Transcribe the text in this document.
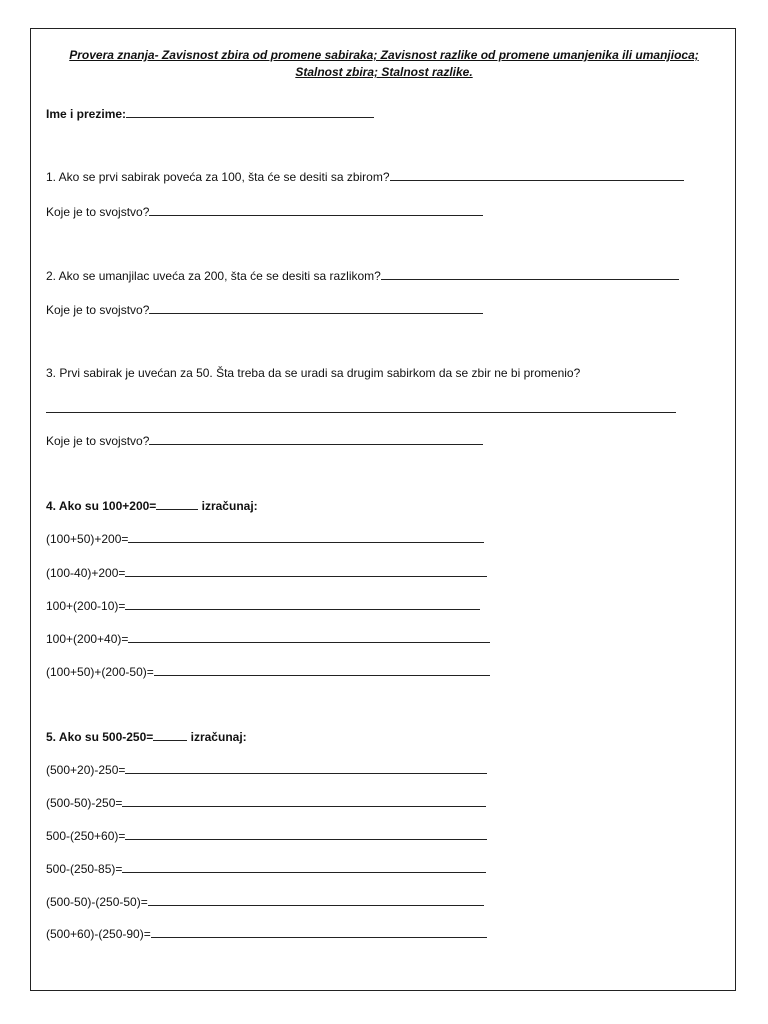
Provera znanja- Zavisnost zbira od promene sabiraka; Zavisnost razlike od promene umanjenika ili umanjioca;
Stalnost zbira; Stalnost razlike.
Ime i prezime:
1. Ako se prvi sabirak poveća za 100, šta će se desiti sa zbirom?
Koje je to svojstvo?
2. Ako se umanjilac uveća za 200, šta će se desiti sa razlikom?
Koje je to svojstvo?
3. Prvi sabirak je uvećan za 50. Šta treba da se uradi sa drugim sabirkom da se zbir ne bi promenio?
Koje je to svojstvo?
4. Ako su 100+200=	izračunaj:
(100+50)+200=
(100-40)+200=
100+(200-10)=
100+(200+40)=
(100+50)+(200-50)=
5. Ako su 500-250=	izračunaj:
(500+20)-250=
(500-50)-250=
500-(250+60)=
500-(250-85)=
(500-50)-(250-50)=
(500+60)-(250-90)=
